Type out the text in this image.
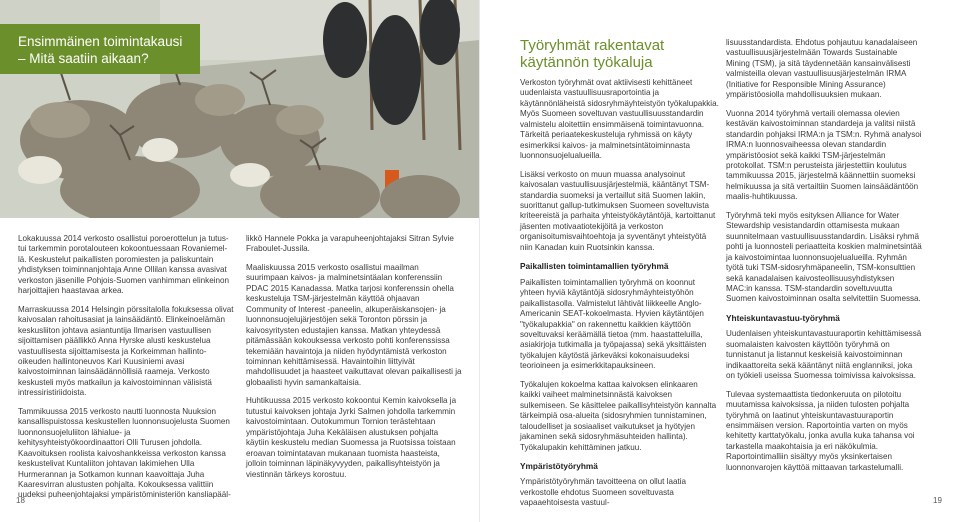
Ensimmäinen toimintakausi
– Mitä saatiin aikaan?

Lokakuussa 2014 verkosto osallistui poroerottelun ja tutus-tui tarkemmin porotalouteen kokoontuessaan Rovaniemel-lä. Keskustelut paikallisten poromiesten ja paliskuntain yhdistyksen toiminnanjohtaja Anne Ollilan kanssa avasivat verkoston jäsenille Pohjois-Suomen vanhimman elinkeinon harjoittajien haastavaa arkea.

Marraskuussa 2014 Helsingin pörssitalolla fokuksessa olivat kaivosalan rahoitusasiat ja lainsäädäntö. Elinkeinoelämän keskusliiton johtava asiantuntija Ilmarisen vastuullisen sijoittamisen päällikkö Anna Hyrske alusti keskustelua vastuullisesta sijoittamisesta ja Korkeimman hallinto-oikeuden hallintoneuvos Kari Kuusiniemi avasi kaivostoiminnan lainsäädännöllisiä raameja. Verkosto keskusteli myös matkailun ja kaivostoiminnan välisistä intressiristiriidoista.

Tammikuussa 2015 verkosto nautti luonnosta Nuuksion kansallispuistossa keskustellen luonnonsuojelusta Suomen luonnonsuojeluliiton lähialue- ja kehitysyhteistyökoordinaattori Olli Turusen johdolla. Kaavoituksen roolista kaivoshankkeissa verkoston kanssa keskustelivat Kuntaliiton johtavan lakimiehen Ulla Hurmerannan ja Sotkamon kunnan kaavoittaja Juha Kaaresvirran alustusten pohjalta. Kokouksessa valittiin uudeksi puheenjohtajaksi ympäristöministeriön kansliapääl-

likkö Hannele Pokka ja varapuheenjohtajaksi Sitran Sylvie Fraboulet-Jussila.

Maaliskuussa 2015 verkosto osallistui maailman suurimpaan kaivos- ja malminetsintäalan konferenssiin PDAC 2015 Kanadassa. Matka tarjosi konferenssin ohella keskusteluja TSM-järjestelmän käyttöä ohjaavan Community of Interest -paneelin, alkuperäiskansojen- ja luonnonsuojelujärjestöjen sekä Toronton pörssin ja kaivosyritysten edustajien kanssa. Matkan yhteydessä pitämässään kokouksessa verkosto pohti konferenssissa tekemiään havaintoja ja niiden hyödyntämistä verkoston toiminnan kehittämisessä. Havaintoihin liittyivät mahdollisuudet ja haasteet vaikuttavat olevan paikallisesti ja globaalisti hyvin samankaltaisia.

Huhtikuussa 2015 verkosto kokoontui Kemin kaivoksella ja tutustui kaivoksen johtaja Jyrki Salmen johdolla tarkemmin kaivostoimintaan. Outokummun Tornion terästehtaan ympäristöjohtaja Juha Kekäläisen alustuksen pohjalta käytiin keskustelu median Suomessa ja Ruotsissa toistaan eroavan toimintatavan mukanaan tuomista haasteista, jolloin toiminnan läpinäkyvyyden, paikallisyhteistyön ja viestinnän tärkeys korostuu.

18
Työryhmät rakentavat
käytännön työkaluja

Verkoston työryhmät ovat aktiivisesti kehittäneet uudenlaista vastuullisuusraportointia ja käytännönläheistä sidosryhmäyhteistyön työkalupakkia. Myös Suomeen soveltuvan vastuullisuusstandardin valmistelu aloitettiin ensimmäisenä toimintavuonna. Tärkeitä periaatekeskusteluja ryhmissä on käyty esimerkiksi kaivos- ja malminetsintätoiminnasta luonnonsuojelualueilla.

Lisäksi verkosto on muun muassa analysoinut kaivosalan vastuullisuusjärjestelmiä, kääntänyt TSM-standardia suomeksi ja vertaillut sitä Suomen lakiin, suorittanut gallup-tutkimuksen Suomeen soveltuvista kriteereistä ja parhaita yhteistyökäytäntöjä, kartoittanut jäsenten motivaatiotekijöitä ja verkoston organisoitumisvaihtoehtoja ja syventänyt yhteistyötä niin Kanadan kuin Ruotsinkin kanssa.

Paikallisten toimintamallien työryhmä

Paikallisten toimintamallien työryhmä on koonnut yhteen hyviä käytäntöjä sidosryhmäyhteistyöhön paikallistasolla. Valmistelut lähtivät liikkeelle Anglo-Americanin SEAT-kokoelmasta. Hyvien käytäntöjen "työkalupakkia" on rakennettu kaikkien käyttöön soveltuvaksi keräämällä tietoa (mm. haastatteluilla, asiakirjoja tutkimalla ja työpajassa) sekä yksittäisten työkalujen käytöstä järkeväksi kokonaisuudeksi teorioineen ja esimerkkitapauksineen.

Työkalujen kokoelma kattaa kaivoksen elinkaaren kaikki vaiheet malminetsinnästä kaivoksen sulkemiseen. Se käsittelee paikallisyhteistyön kannalta tärkeimpiä osa-alueita (sidosryhmien tunnistaminen, taloudelliset ja sosiaaliset vaikutukset ja hyötyjen jakaminen sekä sidosryhmäsuhteiden hallinta). Työkalupakin kehittäminen jatkuu.

Ympäristötyöryhmä

Ympäristötyöryhmän tavoitteena on ollut laatia verkostolle ehdotus Suomeen soveltuvasta vapaaehtoisesta vastuul-

lisuusstandardista. Ehdotus pohjautuu kanadalaiseen vastuullisuusjärjestelmään Towards Sustainable Mining (TSM), ja sitä täydennetään kansainvälisesti valmisteilla olevan vastuullisuusjärjestelmän IRMA (Initiative for Responsible Mining Assurance) ympäristöosiolla mahdollisuuksien mukaan.

Vuonna 2014 työryhmä vertaili olemassa olevien kestävän kaivostoiminnan standardeja ja valitsi niistä standardin pohjaksi IRMA:n ja TSM:n. Ryhmä analysoi IRMA:n luonnosvaiheessa olevan standardin ympäristöosiot sekä kaikki TSM-järjestelmän protokollat. TSM:n perusteista järjestettiin koulutus tammikuussa 2015, järjestelmä käännettiin suomeksi helmikuussa ja sitä vertailtiin Suomen lainsäädäntöön maalis-huhtikuussa.

Työryhmä teki myös esityksen Alliance for Water Stewardship vesistandardin ottamisesta mukaan suunnitelmaan vastuullisuusstandardin. Lisäksi ryhmä pohti ja luonnosteli periaatteita koskien malminetsintää ja kaivostoimintaa luonnonsuojelualueilla. Ryhmän työtä tuki TSM-sidosryhmäpaneelin, TSM-konsulttien sekä kanadalaisen kaivosteollisuusyhdistyksen MAC:in kanssa. TSM-standardin soveltuvuutta Suomen kaivostoiminnan osalta selvitettiin Suomessa.

Yhteiskuntavastuu-työryhmä

Uudenlaisen yhteiskuntavastuuraportin kehittämisessä suomalaisten kaivosten käyttöön työryhmä on tunnistanut ja listannut keskeisiä kaivostoiminnan indikaattoreita sekä kääntänyt niitä englanniksi, joka on työkieli useissa Suomessa toimivissa kaivoksissa.

Tulevaa systemaattista tiedonkeruuta on pilotoitu muutamissa kaivoksissa, ja niiden tulosten pohjalta työryhmä on laatinut yhteiskuntavastuuraportin ensimmäisen version. Raportointia varten on myös kehitetty karttatyökalu, jonka avulla kuka tahansa voi tarkastella maakohtaisia ja eri näkökulmia. Raportointimalliin sisältyy myös yksinkertaisen luonnonvarojen käyttöä mittaavan tarkastelumalli.

19
